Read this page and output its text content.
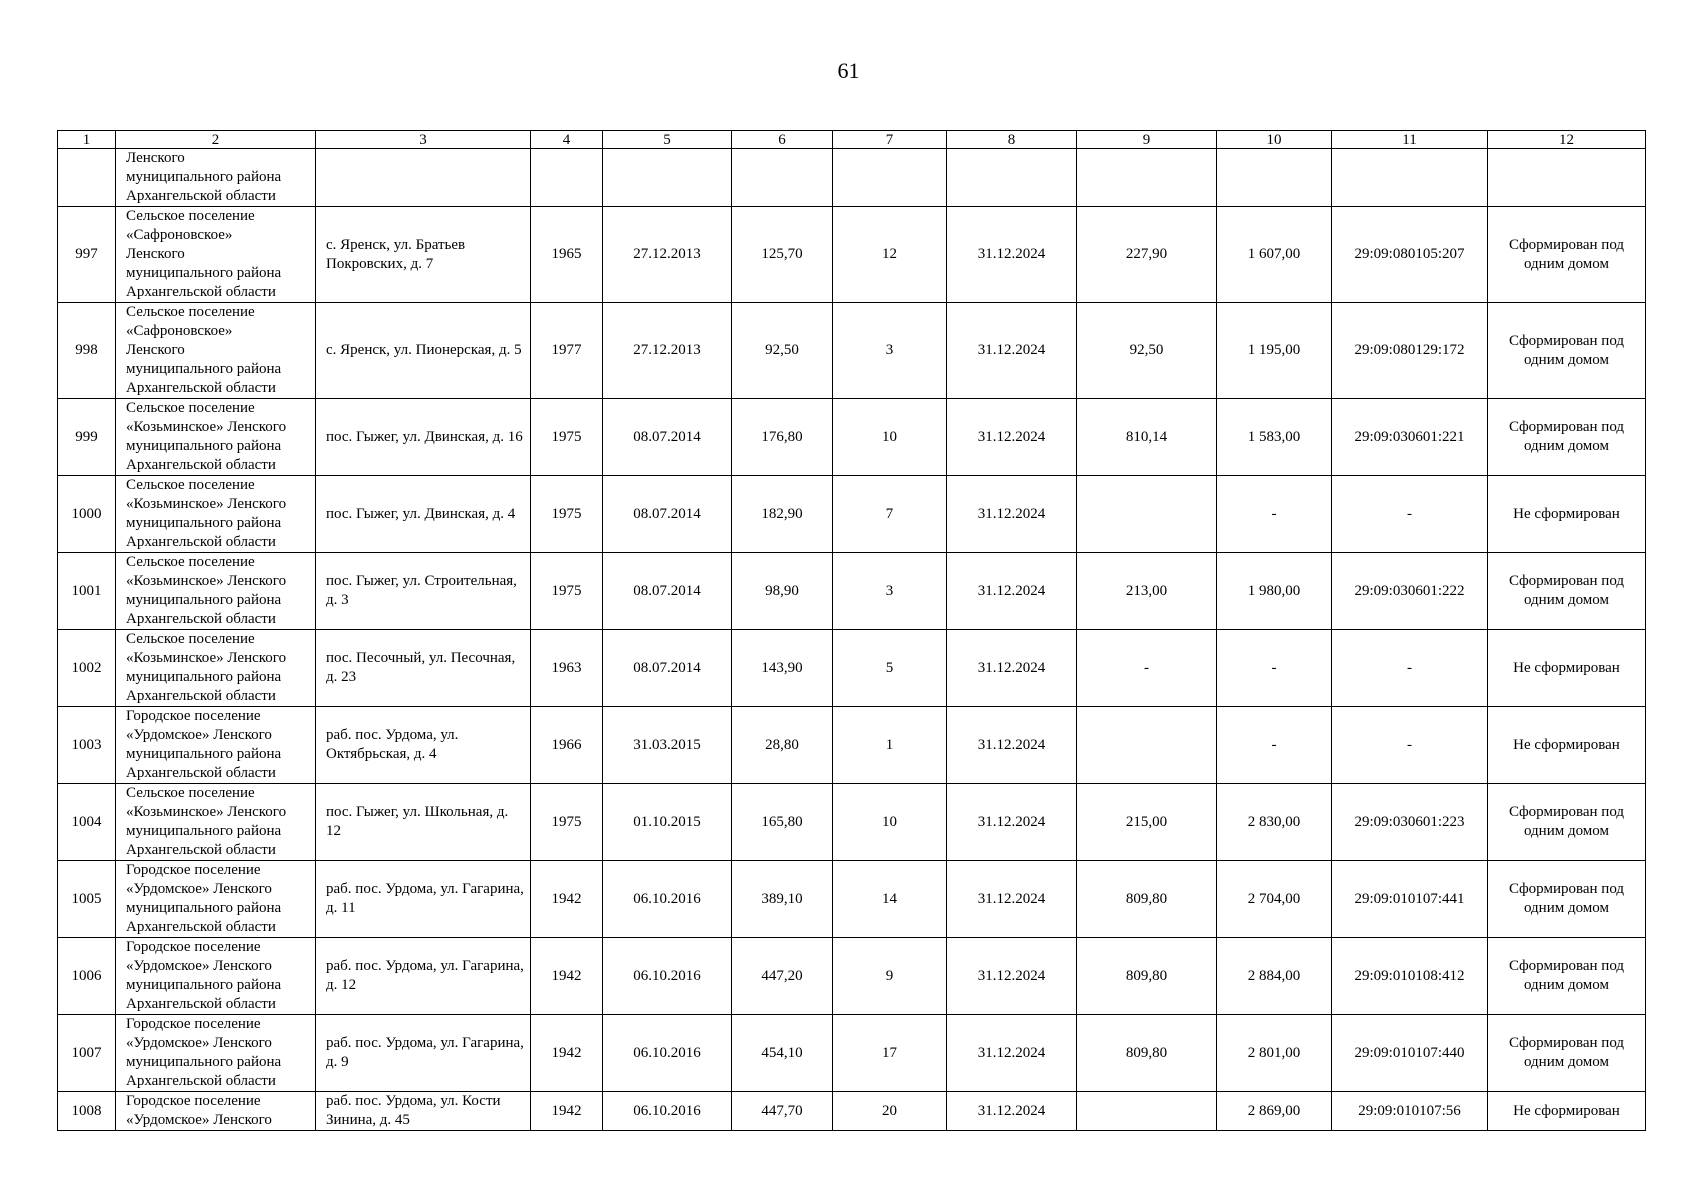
61
1	2	3	4	5	6	7	8	9	10	11	12
	Ленского
муниципального района
Архангельской области										
997	Сельское поселение
«Сафроновское»
Ленского
муниципального района
Архангельской области	с. Яренск, ул. Братьев Покровских, д. 7	1965	27.12.2013	125,70	12	31.12.2024	227,90	1 607,00	29:09:080105:207	Сформирован под одним домом
998	Сельское поселение
«Сафроновское»
Ленского
муниципального района
Архангельской области	с. Яренск, ул. Пионерская, д. 5	1977	27.12.2013	92,50	3	31.12.2024	92,50	1 195,00	29:09:080129:172	Сформирован под одним домом
999	Сельское поселение
«Козьминское» Ленского
муниципального района
Архангельской области	пос. Гыжег, ул. Двинская, д. 16	1975	08.07.2014	176,80	10	31.12.2024	810,14	1 583,00	29:09:030601:221	Сформирован под одним домом
1000	Сельское поселение
«Козьминское» Ленского
муниципального района
Архангельской области	пос. Гыжег, ул. Двинская, д. 4	1975	08.07.2014	182,90	7	31.12.2024		-	-	Не сформирован
1001	Сельское поселение
«Козьминское» Ленского
муниципального района
Архангельской области	пос. Гыжег, ул. Строительная, д. 3	1975	08.07.2014	98,90	3	31.12.2024	213,00	1 980,00	29:09:030601:222	Сформирован под одним домом
1002	Сельское поселение
«Козьминское» Ленского
муниципального района
Архангельской области	пос. Песочный, ул. Песочная, д. 23	1963	08.07.2014	143,90	5	31.12.2024	-	-	-	Не сформирован
1003	Городское поселение
«Урдомское» Ленского
муниципального района
Архангельской области	раб. пос. Урдома, ул. Октябрьская, д. 4	1966	31.03.2015	28,80	1	31.12.2024		-	-	Не сформирован
1004	Сельское поселение
«Козьминское» Ленского
муниципального района
Архангельской области	пос. Гыжег, ул. Школьная, д. 12	1975	01.10.2015	165,80	10	31.12.2024	215,00	2 830,00	29:09:030601:223	Сформирован под одним домом
1005	Городское поселение
«Урдомское» Ленского
муниципального района
Архангельской области	раб. пос. Урдома, ул. Гагарина, д. 11	1942	06.10.2016	389,10	14	31.12.2024	809,80	2 704,00	29:09:010107:441	Сформирован под одним домом
1006	Городское поселение
«Урдомское» Ленского
муниципального района
Архангельской области	раб. пос. Урдома, ул. Гагарина, д. 12	1942	06.10.2016	447,20	9	31.12.2024	809,80	2 884,00	29:09:010108:412	Сформирован под одним домом
1007	Городское поселение
«Урдомское» Ленского
муниципального района
Архангельской области	раб. пос. Урдома, ул. Гагарина, д. 9	1942	06.10.2016	454,10	17	31.12.2024	809,80	2 801,00	29:09:010107:440	Сформирован под одним домом
1008	Городское поселение
«Урдомское» Ленского	раб. пос. Урдома, ул. Кости Зинина, д. 45	1942	06.10.2016	447,70	20	31.12.2024		2 869,00	29:09:010107:56	Не сформирован
